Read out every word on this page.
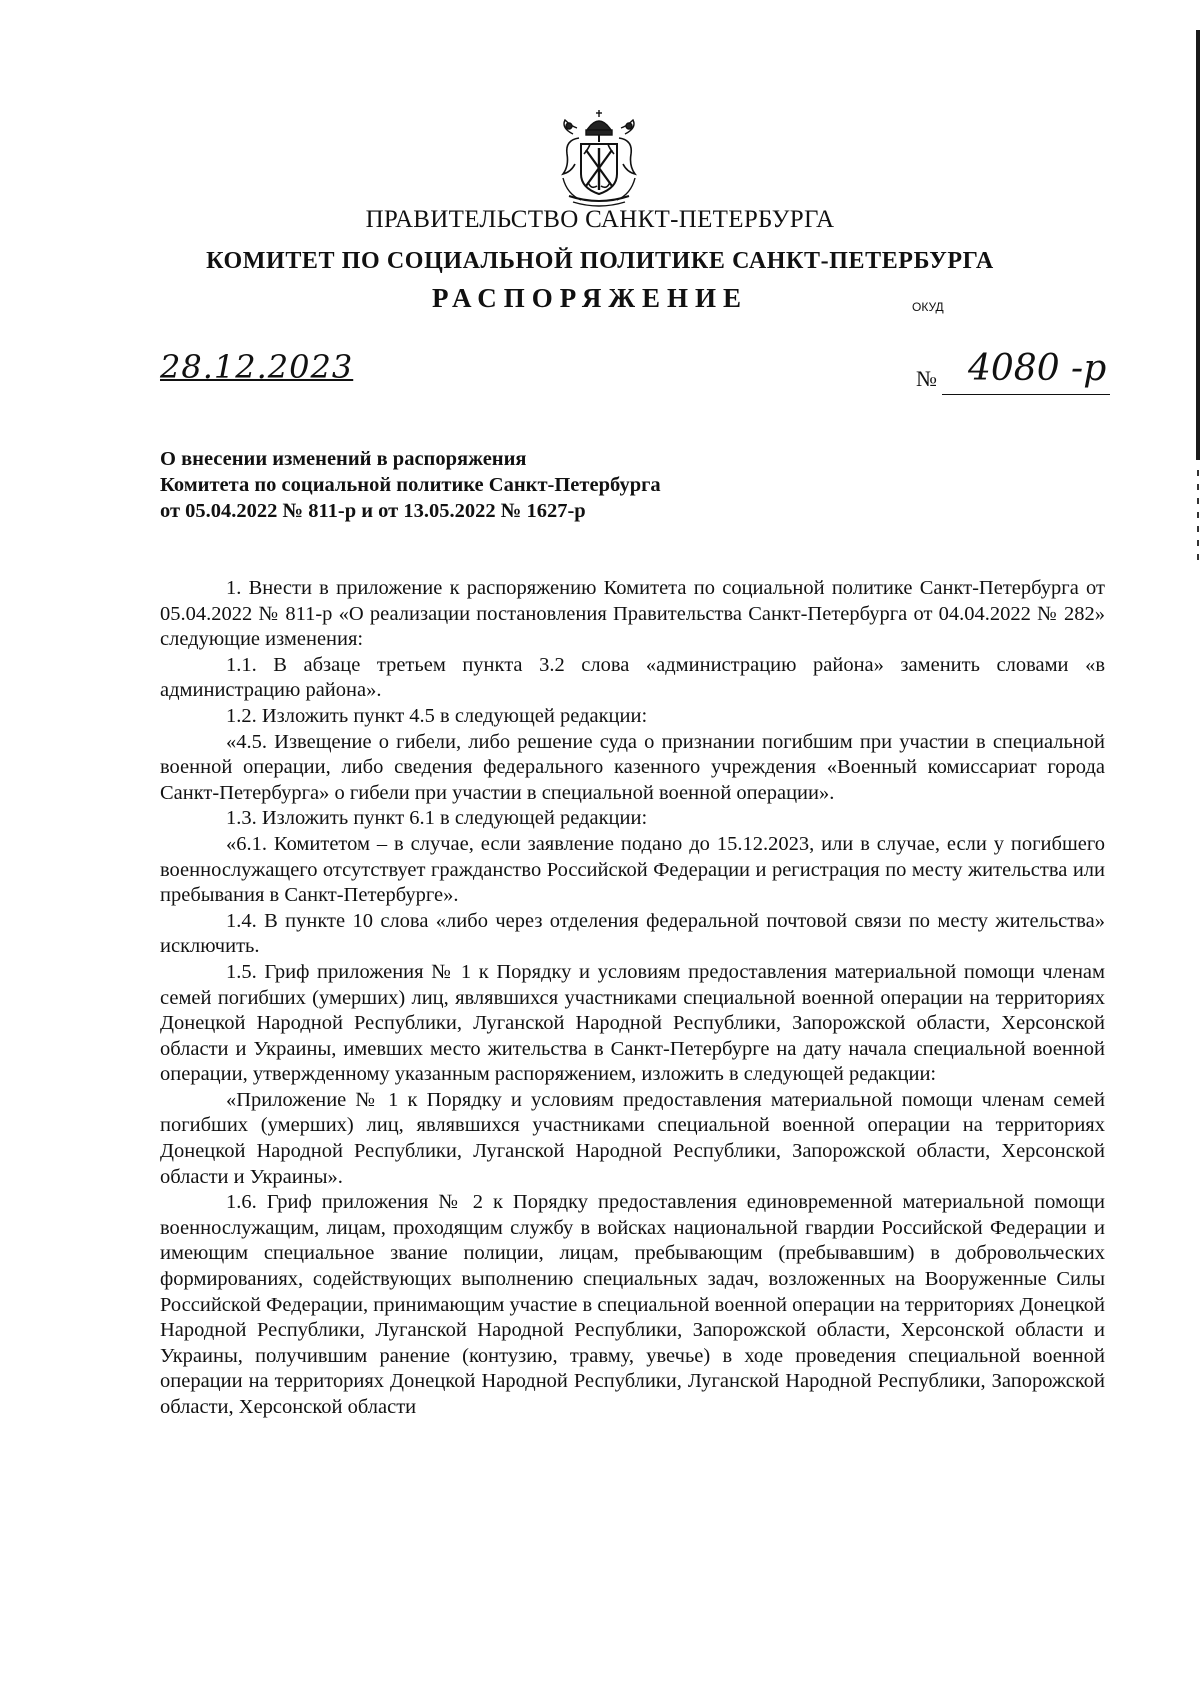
ПРАВИТЕЛЬСТВО САНКТ-ПЕТЕРБУРГА
КОМИТЕТ ПО СОЦИАЛЬНОЙ ПОЛИТИКЕ САНКТ-ПЕТЕРБУРГА
РАСПОРЯЖЕНИЕ	ОКУД
28.12.2023	№ 4080 -р
О внесении изменений в распоряжения
Комитета по социальной политике Санкт-Петербурга
от 05.04.2022 № 811-р и от 13.05.2022 № 1627-р

1. Внести в приложение к распоряжению Комитета по социальной политике Санкт-Петербурга от 05.04.2022 № 811-р «О реализации постановления Правительства Санкт-Петербурга от 04.04.2022 № 282» следующие изменения:

1.1. В абзаце третьем пункта 3.2 слова «администрацию района» заменить словами «в администрацию района».

1.2. Изложить пункт 4.5 в следующей редакции:

«4.5. Извещение о гибели, либо решение суда о признании погибшим при участии в специальной военной операции, либо сведения федерального казенного учреждения «Военный комиссариат города Санкт-Петербурга» о гибели при участии в специальной военной операции».

1.3. Изложить пункт 6.1 в следующей редакции:

«6.1. Комитетом – в случае, если заявление подано до 15.12.2023, или в случае, если у погибшего военнослужащего отсутствует гражданство Российской Федерации и регистрация по месту жительства или пребывания в Санкт-Петербурге».

1.4. В пункте 10 слова «либо через отделения федеральной почтовой связи по месту жительства» исключить.

1.5. Гриф приложения № 1 к Порядку и условиям предоставления материальной помощи членам семей погибших (умерших) лиц, являвшихся участниками специальной военной операции на территориях Донецкой Народной Республики, Луганской Народной Республики, Запорожской области, Херсонской области и Украины, имевших место жительства в Санкт-Петербурге на дату начала специальной военной операции, утвержденному указанным распоряжением, изложить в следующей редакции:

«Приложение № 1 к Порядку и условиям предоставления материальной помощи членам семей погибших (умерших) лиц, являвшихся участниками специальной военной операции на территориях Донецкой Народной Республики, Луганской Народной Республики, Запорожской области, Херсонской области и Украины».

1.6. Гриф приложения № 2 к Порядку предоставления единовременной материальной помощи военнослужащим, лицам, проходящим службу в войсках национальной гвардии Российской Федерации и имеющим специальное звание полиции, лицам, пребывающим (пребывавшим) в добровольческих формированиях, содействующих выполнению специальных задач, возложенных на Вооруженные Силы Российской Федерации, принимающим участие в специальной военной операции на территориях Донецкой Народной Республики, Луганской Народной Республики, Запорожской области, Херсонской области и Украины, получившим ранение (контузию, травму, увечье) в ходе проведения специальной военной операции на территориях Донецкой Народной Республики, Луганской Народной Республики, Запорожской области, Херсонской области
